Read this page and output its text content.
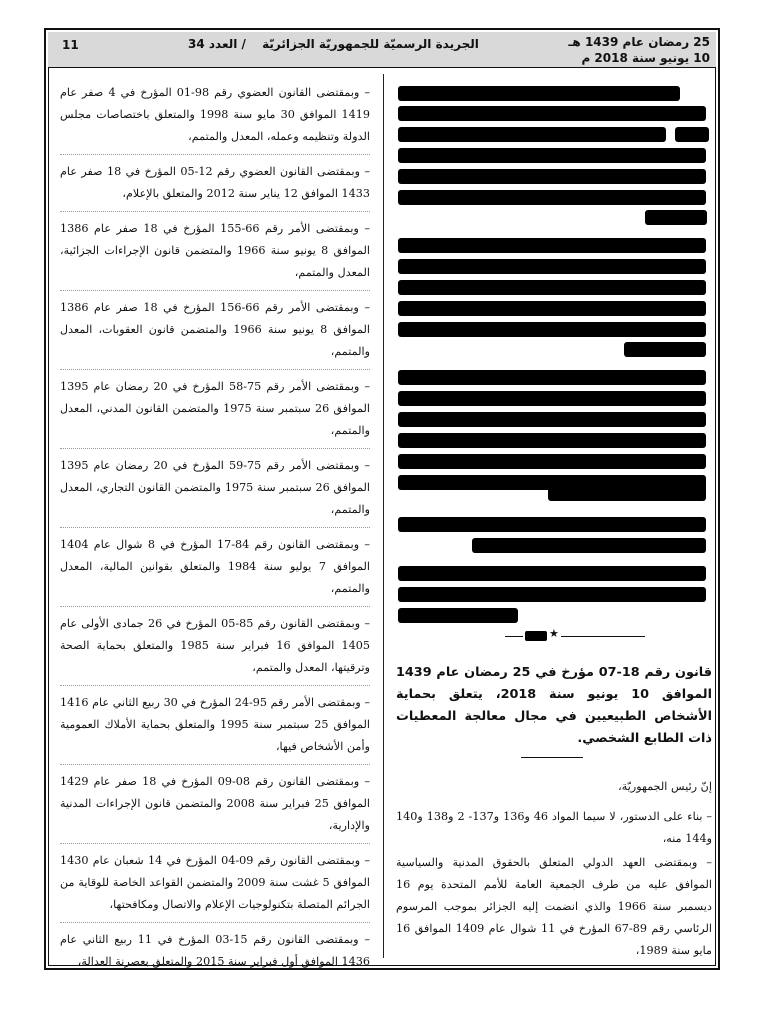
11	الجريدة الرسميّة للجمهوريّة الجزائريّة / العدد 34	25 رمضان عام 1439 هـ
10 يونيو سنة 2018 م
– وبمقتضى القانون العضوي رقم 98-01 المؤرخ في 4 صفر عام 1419 الموافق 30 مايو سنة 1998 والمتعلق باختصاصات مجلس الدولة وتنظيمه وعمله، المعدل والمتمم،
– وبمقتضى القانون العضوي رقم 12-05 المؤرخ في 18 صفر عام 1433 الموافق 12 يناير سنة 2012 والمتعلق بالإعلام،
– وبمقتضى الأمر رقم 66-155 المؤرخ في 18 صفر عام 1386 الموافق 8 يونيو سنة 1966 والمتضمن قانون الإجراءات الجزائية، المعدل والمتمم،
– وبمقتضى الأمر رقم 66-156 المؤرخ في 18 صفر عام 1386 الموافق 8 يونيو سنة 1966 والمتضمن قانون العقوبات، المعدل والمتمم،
– وبمقتضى الأمر رقم 75-58 المؤرخ في 20 رمضان عام 1395 الموافق 26 سبتمبر سنة 1975 والمتضمن القانون المدني، المعدل والمتمم،
– وبمقتضى الأمر رقم 75-59 المؤرخ في 20 رمضان عام 1395 الموافق 26 سبتمبر سنة 1975 والمتضمن القانون التجاري، المعدل والمتمم،
– وبمقتضى القانون رقم 84-17 المؤرخ في 8 شوال عام 1404 الموافق 7 يوليو سنة 1984 والمتعلق بقوانين المالية، المعدل والمتمم،
– وبمقتضى القانون رقم 85-05 المؤرخ في 26 جمادى الأولى عام 1405 الموافق 16 فبراير سنة 1985 والمتعلق بحماية الصحة وترقيتها، المعدل والمتمم،
– وبمقتضى الأمر رقم 95-24 المؤرخ في 30 ربيع الثاني عام 1416 الموافق 25 سبتمبر سنة 1995 والمتعلق بحماية الأملاك العمومية وأمن الأشخاص فيها،
– وبمقتضى القانون رقم 08-09 المؤرخ في 18 صفر عام 1429 الموافق 25 فبراير سنة 2008 والمتضمن قانون الإجراءات المدنية والإدارية،
– وبمقتضى القانون رقم 09-04 المؤرخ في 14 شعبان عام 1430 الموافق 5 غشت سنة 2009 والمتضمن القواعد الخاصة للوقاية من الجرائم المتصلة بتكنولوجيات الإعلام والاتصال ومكافحتها،
– وبمقتضى القانون رقم 15-03 المؤرخ في 11 ربيع الثاني عام 1436 الموافق أول فبراير سنة 2015 والمتعلق بعصرنة العدالة،
★
قانون رقم 18-07 مؤرخ في 25 رمضان عام 1439 الموافق 10 يونيو سنة 2018، يتعلق بحماية الأشخاص الطبيعيين في مجال معالجة المعطيات ذات الطابع الشخصي.
إنّ رئيس الجمهوريّة،
– بناء على الدستور، لا سيما المواد 46 و136 و137- 2 و138 و140 و144 منه،
– وبمقتضى العهد الدولي المتعلق بالحقوق المدنية والسياسية الموافق عليه من طرف الجمعية العامة للأمم المتحدة يوم 16 ديسمبر سنة 1966 والذي انضمت إليه الجزائر بموجب المرسوم الرئاسي رقم 89-67 المؤرخ في 11 شوال عام 1409 الموافق 16 مايو سنة 1989،
